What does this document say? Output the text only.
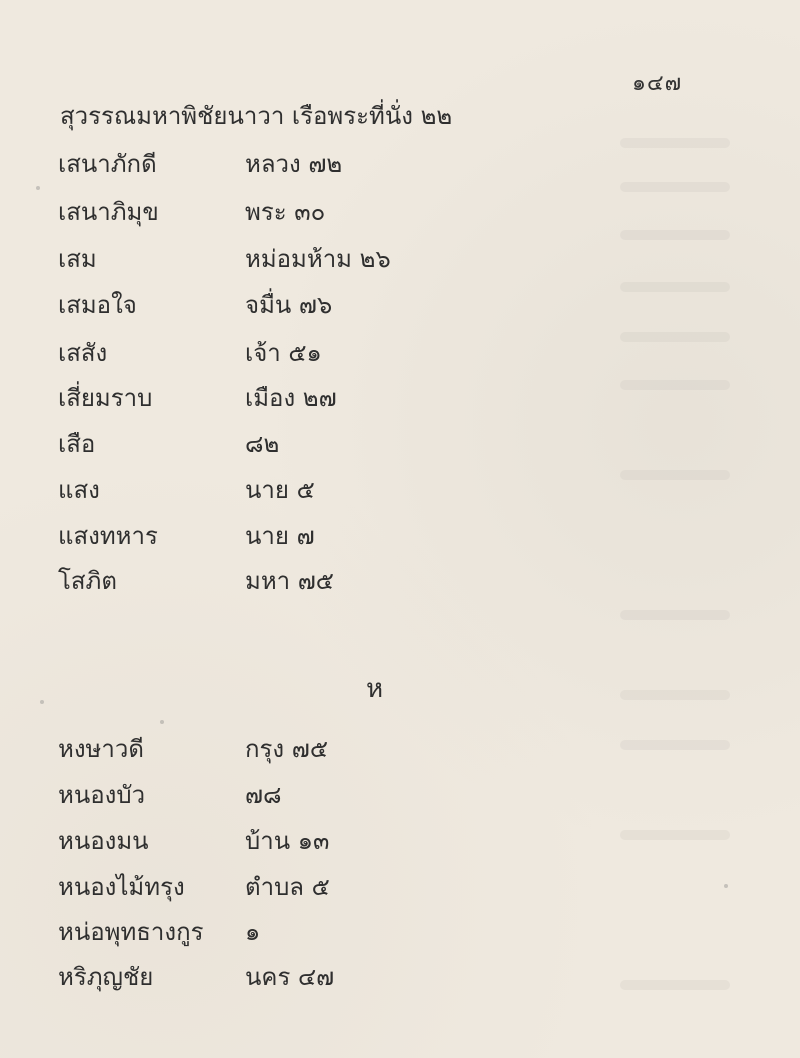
๑๔๗
สุวรรณมหาพิชัยนาวา เรือพระที่นั่ง ๒๒
เสนาภักดี	หลวง ๗๒
เสนาภิมุข	พระ ๓๐
เสม	หม่อมห้าม ๒๖
เสมอใจ	จมื่น ๗๖
เสสัง	เจ้า ๕๑
เสี่ยมราบ	เมือง ๒๗
เสือ	๘๒
แสง	นาย ๕
แสงทหาร	นาย ๗
โสภิต	มหา ๗๕
ห
หงษาวดี	กรุง ๗๕
หนองบัว	๗๘
หนองมน	บ้าน ๑๓
หนองไม้ทรุง	ตำบล ๕
หน่อพุทธางกูร ๑
หริภุญชัย	นคร ๔๗
